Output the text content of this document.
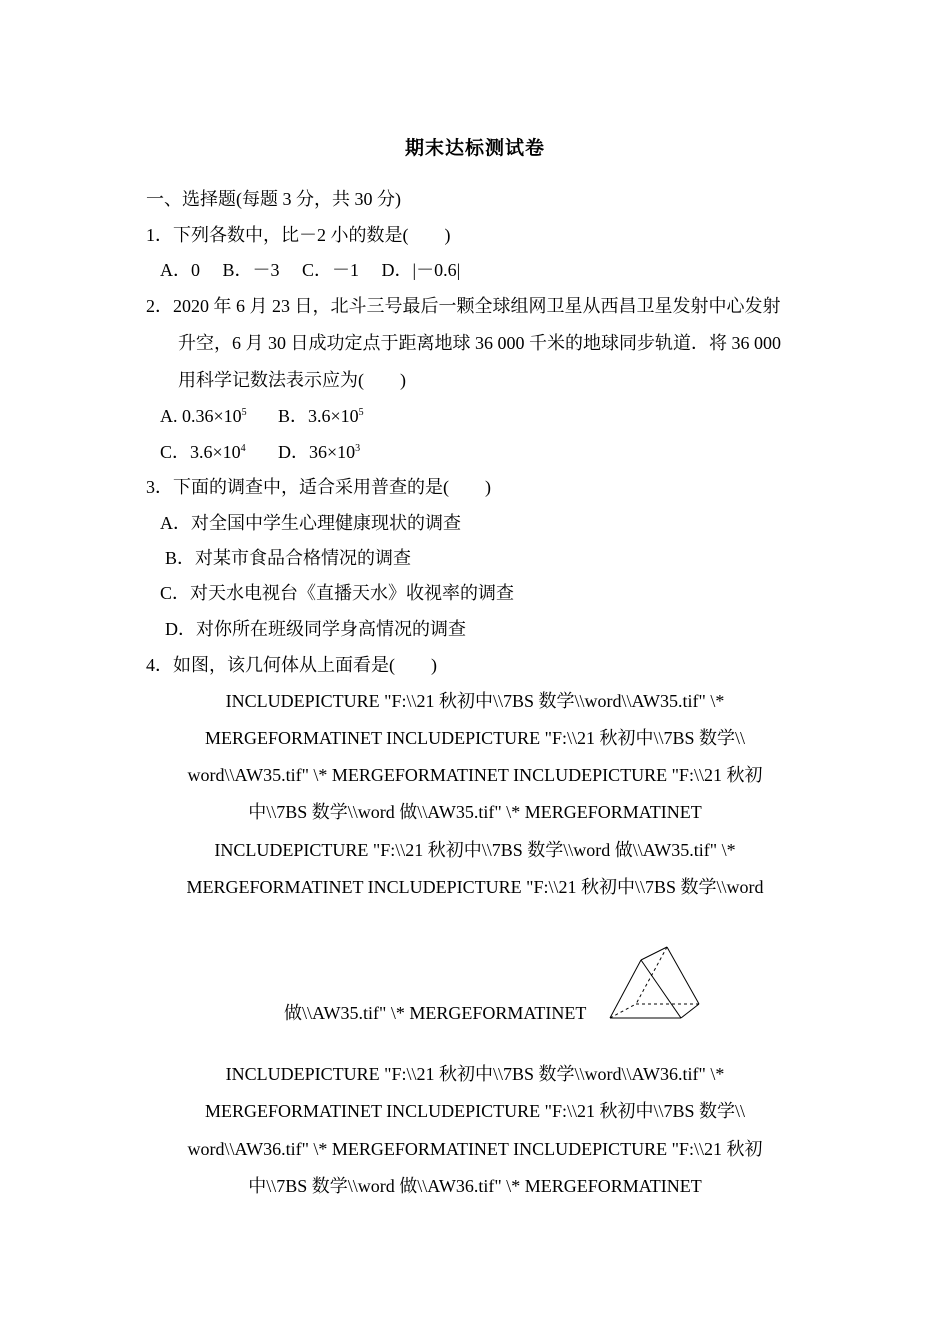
期末达标测试卷
一、选择题(每题 3 分，共 30 分)
1．下列各数中，比－2 小的数是(　　)
A．0　 B．－3　 C．－1　 D．|－0.6|
2．2020 年 6 月 23 日，北斗三号最后一颗全球组网卫星从西昌卫星发射中心发射
升空，6 月 30 日成功定点于距离地球 36 000 千米的地球同步轨道．将 36 000
用科学记数法表示应为(　　)
A. $0.36\times 10^5$ B．$3.6\times 10^5$
C．$3.6\times 10^4$ D．$36\times 10^3$
3．下面的调查中，适合采用普查的是(　　)
A．对全国中学生心理健康现状的调查
B．对某市食品合格情况的调查
C．对天水电视台《直播天水》收视率的调查
D．对你所在班级同学身高情况的调查
4．如图，该几何体从上面看是(　　)
INCLUDEPICTURE "F:\\21 秋初中\\7BS 数学\\word\\AW35.tif" \*
MERGEFORMATINET INCLUDEPICTURE "F:\\21 秋初中\\7BS 数学\\
word\\AW35.tif" \* MERGEFORMATINET INCLUDEPICTURE "F:\\21 秋初
中\\7BS 数学\\word 做\\AW35.tif" \* MERGEFORMATINET
INCLUDEPICTURE "F:\\21 秋初中\\7BS 数学\\word 做\\AW35.tif" \*
MERGEFORMATINET INCLUDEPICTURE "F:\\21 秋初中\\7BS 数学\\word
做\\AW35.tif" \* MERGEFORMATINET
INCLUDEPICTURE "F:\\21 秋初中\\7BS 数学\\word\\AW36.tif" \*
MERGEFORMATINET INCLUDEPICTURE "F:\\21 秋初中\\7BS 数学\\
word\\AW36.tif" \* MERGEFORMATINET INCLUDEPICTURE "F:\\21 秋初
中\\7BS 数学\\word 做\\AW36.tif" \* MERGEFORMATINET
